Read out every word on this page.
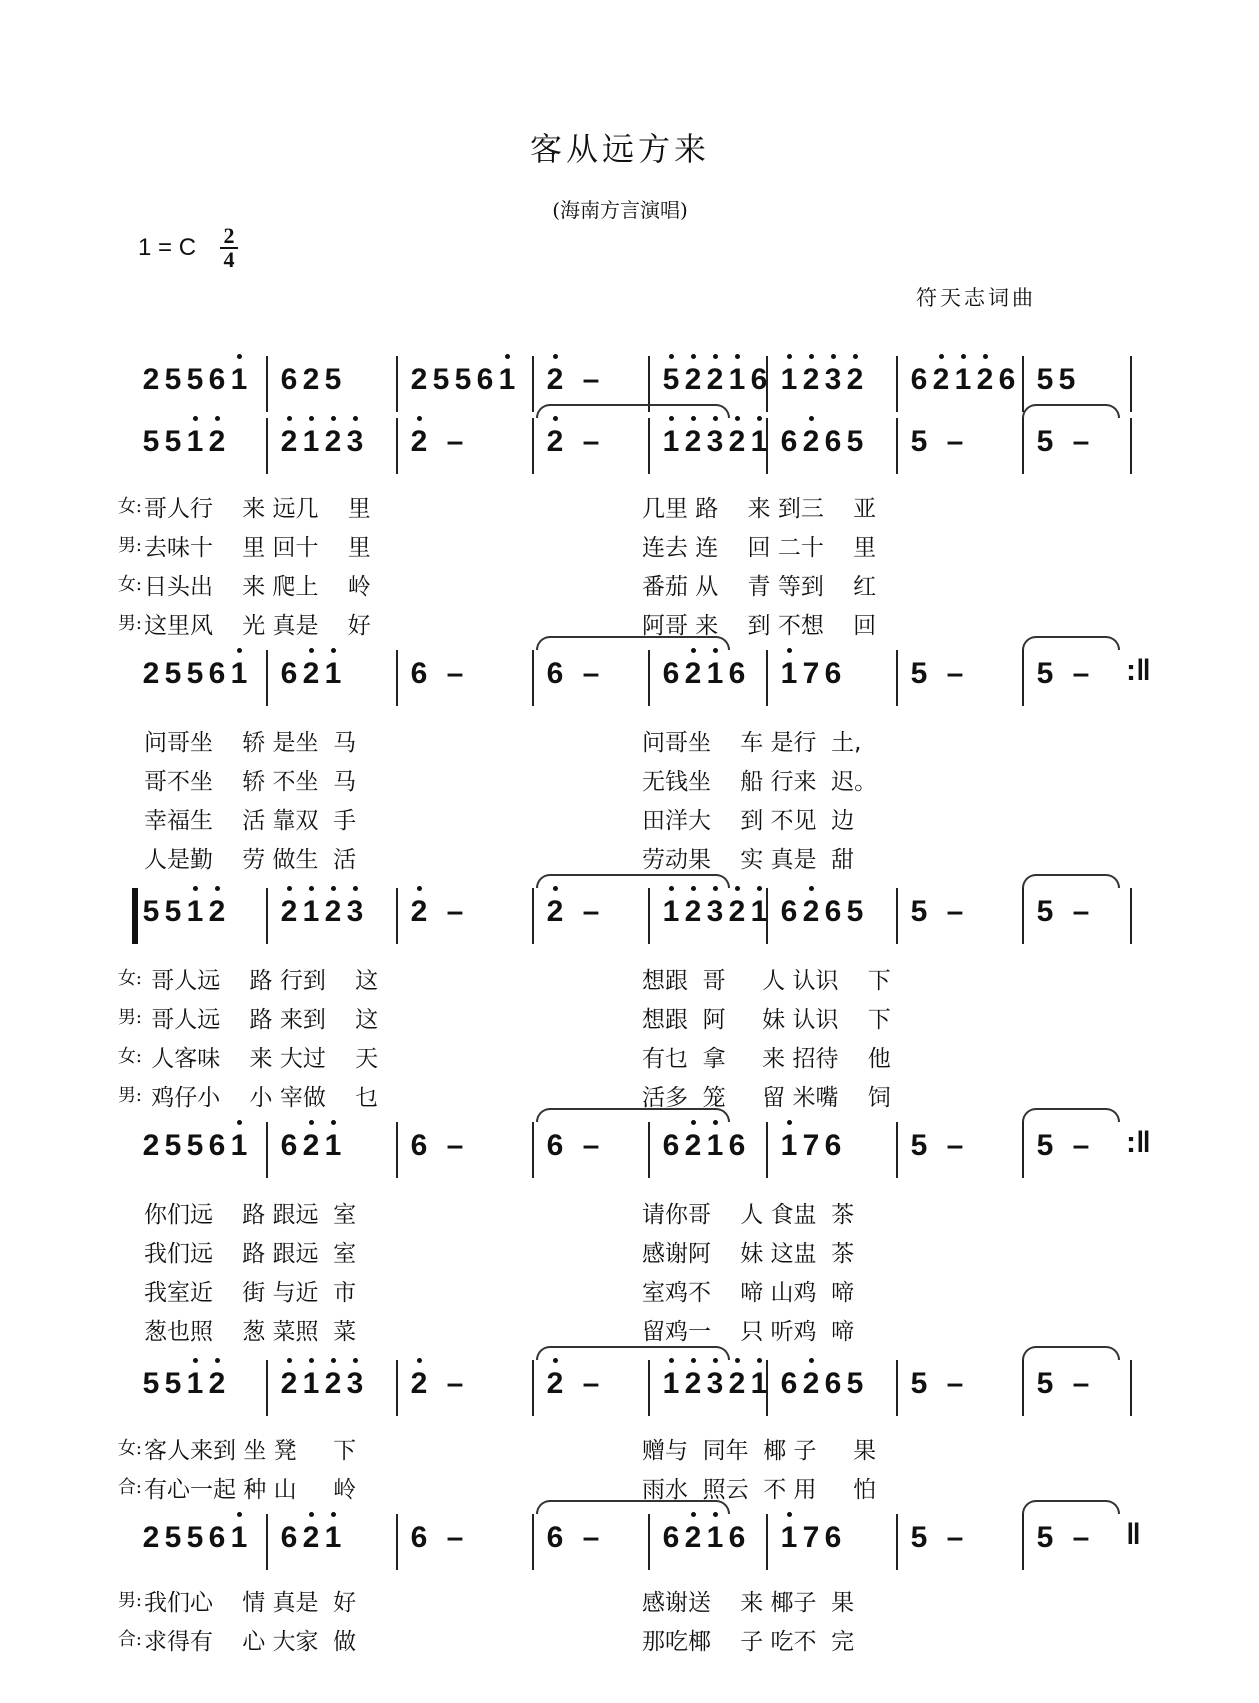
客从远方来
(海南方言演唱)
1 = C 2
4
符天志词曲
2 5 5 6 1 6 2 5 2 5 5 6 1 2 –	5 2 2 1 6 1 2 3 2 6 2 1 2 6 5 5
5 5 1 2 2 1 2 3 2 –	2 –	1 2 3 2 1 6 2 6 5 5 –	5 –
2 5 5 6 1 6 2 1 6 –	6 –	6 2 1 6 1 7 6 5 –	5 –	:‖
5 5 1 2 2 1 2 3 2 –	2 –	1 2 3 2 1 6 2 6 5 5 –	5 –
2 5 5 6 1 6 2 1 6 –	6 –	6 2 1 6 1 7 6 5 –	5 –	:‖
5 5 1 2 2 1 2 3 2 –	2 –	1 2 3 2 1 6 2 6 5 5 –	5 –
2 5 5 6 1 6 2 1 6 –	6 –	6 2 1 6 1 7 6 5 –	5 –	‖
女: 哥人行    来 远几    里	几里 路    来 到三    亚
男: 去味十    里 回十    里	连去 连    回 二十    里
女: 日头出    来 爬上    岭	番茄 从    青 等到    红
男: 这里风    光 真是    好	阿哥 来    到 不想    回
问哥坐    轿 是坐  马	问哥坐    车 是行  土,
哥不坐    轿 不坐  马	无钱坐    船 行来  迟。
幸福生    活 靠双  手	田洋大    到 不见  边
人是勤    劳 做生  活	劳动果    实 真是  甜
女: 哥人远    路 行到    这	想跟  哥     人 认识    下
男: 哥人远    路 来到    这	想跟  阿     妹 认识    下
女: 人客味    来 大过    天	有乜  拿     来 招待    他
男: 鸡仔小    小 宰做    乜	活多  笼     留 米嘴    饲
你们远    路 跟远  室	请你哥    人 食盅  茶
我们远    路 跟远  室	感谢阿    妹 这盅  茶
我室近    街 与近  市	室鸡不    啼 山鸡  啼
葱也照    葱 菜照  菜	留鸡一    只 听鸡  啼
女: 客人来到 坐 凳     下	赠与  同年  椰 子     果
合: 有心一起 种 山     岭	雨水  照云  不 用     怕
男: 我们心    情 真是  好	感谢送    来 椰子  果
合: 求得有    心 大家  做	那吃椰    子 吃不  完
